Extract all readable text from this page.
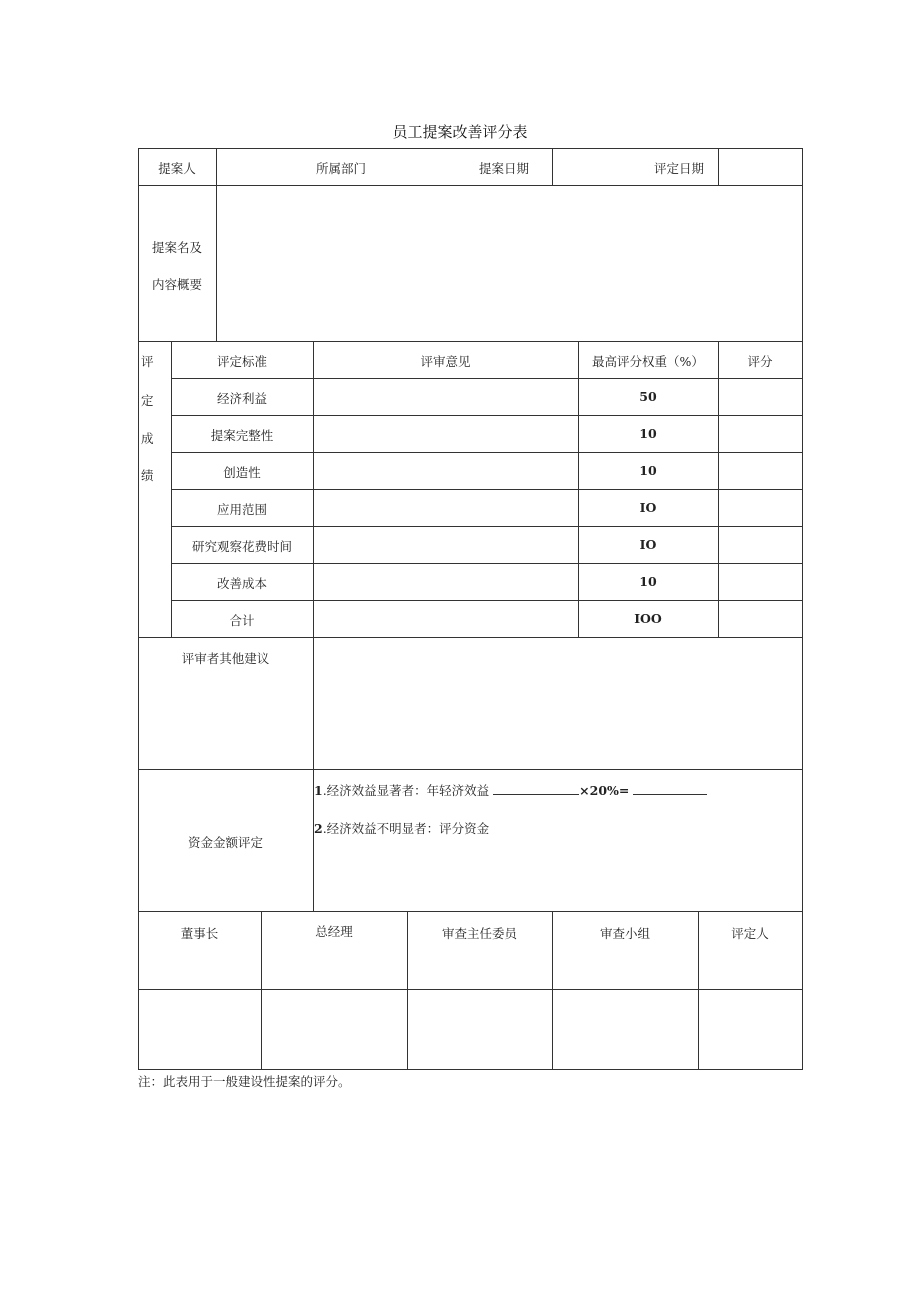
员工提案改善评分表
提案人	所属部门	提案日期	评定日期
提案名及
内容概要
评
定
成
绩
评定标准	评审意见	最高评分权重（%）	评分
经济利益	50
提案完整性	10
创造性	10
应用范围	IO
研究观察花费时间	IO
改善成本	10
合计	IOO
评审者其他建议
1.经济效益显著者：年轻济效益	×20%=
2.经济效益不明显者：评分资金
资金金额评定
董事长	总经理	审查主任委员	审查小组	评定人
注：此表用于一般建设性提案的评分。
